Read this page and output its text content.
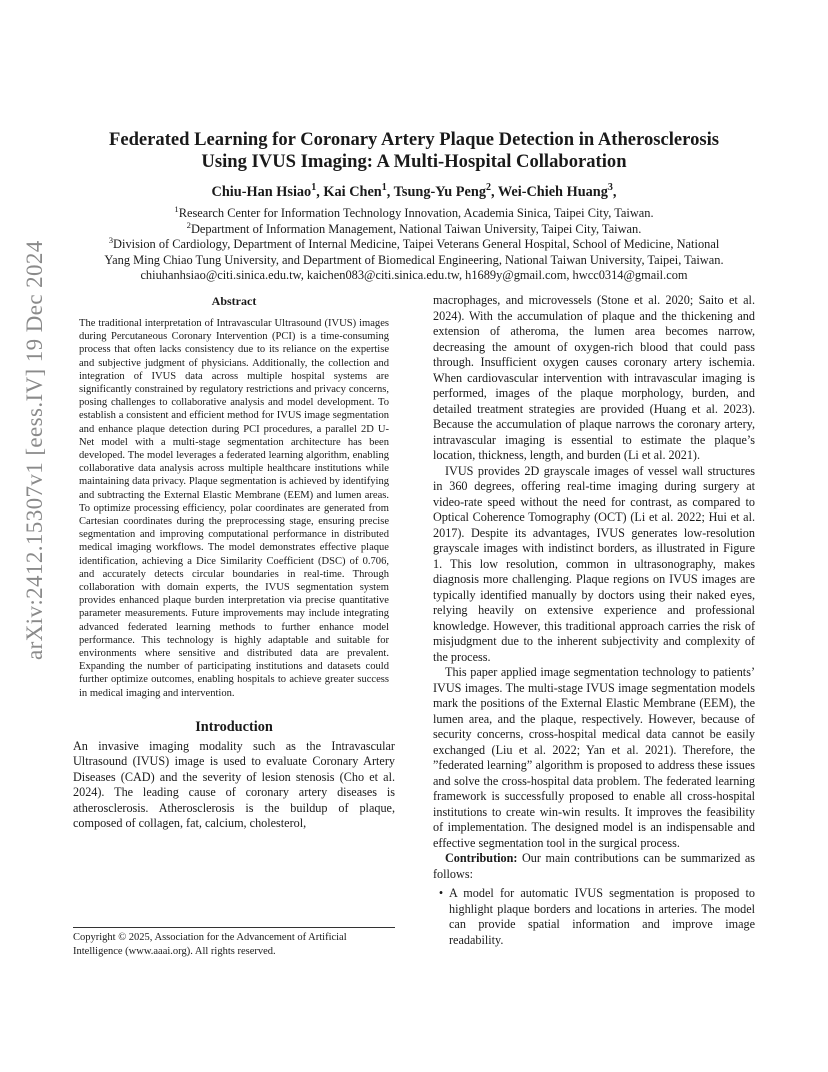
arXiv:2412.15307v1 [eess.IV] 19 Dec 2024
Federated Learning for Coronary Artery Plaque Detection in Atherosclerosis
Using IVUS Imaging: A Multi-Hospital Collaboration
Chiu-Han Hsiao$^1$, Kai Chen$^1$, Tsung-Yu Peng$^2$, Wei-Chieh Huang$^3$,
$^1$Research Center for Information Technology Innovation, Academia Sinica, Taipei City, Taiwan.
$^2$Department of Information Management, National Taiwan University, Taipei City, Taiwan.
$^3$Division of Cardiology, Department of Internal Medicine, Taipei Veterans General Hospital, School of Medicine, National
Yang Ming Chiao Tung University, and Department of Biomedical Engineering, National Taiwan University, Taipei, Taiwan.
chiuhanhsiao@citi.sinica.edu.tw, kaichen083@citi.sinica.edu.tw, h1689y@gmail.com, hwcc0314@gmail.com
Abstract
The traditional interpretation of Intravascular Ultrasound (IVUS) images during Percutaneous Coronary Intervention (PCI) is a time-consuming process that often lacks consistency due to its reliance on the expertise and subjective judgment of physicians. Additionally, the collection and integration of IVUS data across multiple hospital systems are significantly constrained by regulatory restrictions and privacy concerns, posing challenges to collaborative analysis and model development. To establish a consistent and efficient method for IVUS image segmentation and enhance plaque detection during PCI procedures, a parallel 2D U-Net model with a multi-stage segmentation architecture has been developed. The model leverages a federated learning algorithm, enabling collaborative data analysis across multiple healthcare institutions while maintaining data privacy. Plaque segmentation is achieved by identifying and subtracting the External Elastic Membrane (EEM) and lumen areas. To optimize processing efficiency, polar coordinates are generated from Cartesian coordinates during the preprocessing stage, ensuring precise segmentation and improving computational performance in distributed medical imaging workflows. The model demonstrates effective plaque identification, achieving a Dice Similarity Coefficient (DSC) of 0.706, and accurately detects circular boundaries in real-time. Through collaboration with domain experts, the IVUS segmentation system provides enhanced plaque burden interpretation via precise quantitative parameter measurements. Future improvements may include integrating advanced federated learning methods to further enhance model performance. This technology is highly adaptable and suitable for environments where sensitive and distributed data are prevalent. Expanding the number of participating institutions and datasets could further optimize outcomes, enabling hospitals to achieve greater success in medical imaging and intervention.
Introduction

An invasive imaging modality such as the Intravascular Ultrasound (IVUS) image is used to evaluate Coronary Artery Diseases (CAD) and the severity of lesion stenosis (Cho et al. 2024). The leading cause of coronary artery diseases is atherosclerosis. Atherosclerosis is the buildup of plaque, composed of collagen, fat, calcium, cholesterol,

macrophages, and microvessels (Stone et al. 2020; Saito et al. 2024). With the accumulation of plaque and the thickening and extension of atheroma, the lumen area becomes narrow, decreasing the amount of oxygen-rich blood that could pass through. Insufficient oxygen causes coronary artery ischemia. When cardiovascular intervention with intravascular imaging is performed, images of the plaque morphology, burden, and detailed treatment strategies are provided (Huang et al. 2023). Because the accumulation of plaque narrows the coronary artery, intravascular imaging is essential to estimate the plaque’s location, thickness, length, and burden (Li et al. 2021).

IVUS provides 2D grayscale images of vessel wall structures in 360 degrees, offering real-time imaging during surgery at video-rate speed without the need for contrast, as compared to Optical Coherence Tomography (OCT) (Li et al. 2022; Hui et al. 2017). Despite its advantages, IVUS generates low-resolution grayscale images with indistinct borders, as illustrated in Figure 1. This low resolution, common in ultrasonography, makes diagnosis more challenging. Plaque regions on IVUS images are typically identified manually by doctors using their naked eyes, relying heavily on extensive experience and professional knowledge. However, this traditional approach carries the risk of misjudgment due to the inherent subjectivity and complexity of the process.

This paper applied image segmentation technology to patients’ IVUS images. The multi-stage IVUS image segmentation models mark the positions of the External Elastic Membrane (EEM), the lumen area, and the plaque, respectively. However, because of security concerns, cross-hospital medical data cannot be easily exchanged (Liu et al. 2022; Yan et al. 2021). Therefore, the ”federated learning” algorithm is proposed to address these issues and solve the cross-hospital data problem. The federated learning framework is successfully proposed to enable all cross-hospital institutions to create win-win results. It improves the feasibility of implementation. The designed model is an indispensable and effective segmentation tool in the surgical process.

Contribution: Our main contributions can be summarized as follows:

• A model for automatic IVUS segmentation is proposed to highlight plaque borders and locations in arteries. The model can provide spatial information and improve image readability.
Copyright © 2025, Association for the Advancement of Artificial Intelligence (www.aaai.org). All rights reserved.
